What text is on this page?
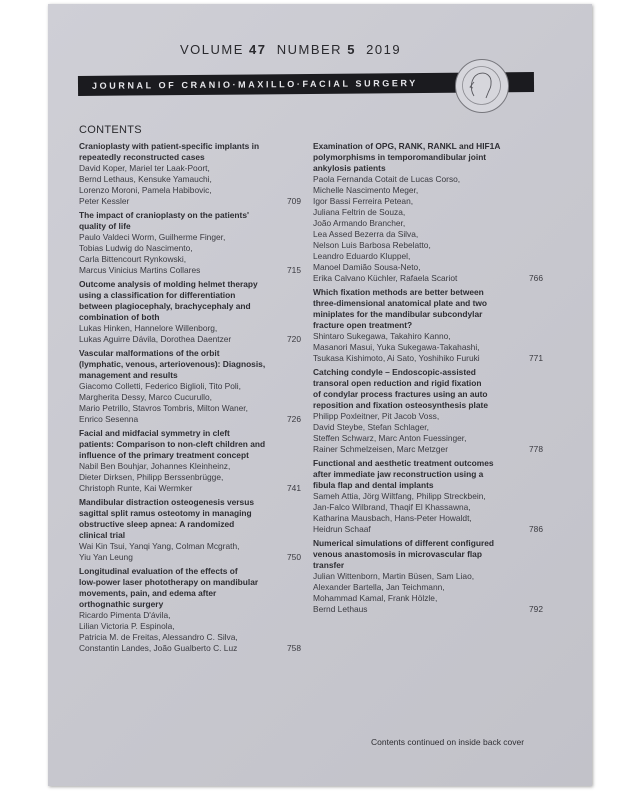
VOLUME 47 NUMBER 5 2019
JOURNAL OF CRANIO·MAXILLO·FACIAL SURGERY
CONTENTS
Cranioplasty with patient-specific implants in
repeatedly reconstructed cases
David Koper, Mariel ter Laak-Poort,
Bernd Lethaus, Kensuke Yamauchi,
Lorenzo Moroni, Pamela Habibovic,
Peter Kessler	709
The impact of cranioplasty on the patients'
quality of life
Paulo Valdeci Worm, Guilherme Finger,
Tobias Ludwig do Nascimento,
Carla Bittencourt Rynkowski,
Marcus Vinicius Martins Collares	715
Outcome analysis of molding helmet therapy
using a classification for differentiation
between plagiocephaly, brachycephaly and
combination of both
Lukas Hinken, Hannelore Willenborg,
Lukas Aguirre Dávila, Dorothea Daentzer	720
Vascular malformations of the orbit
(lymphatic, venous, arteriovenous): Diagnosis,
management and results
Giacomo Colletti, Federico Biglioli, Tito Poli,
Margherita Dessy, Marco Cucurullo,
Mario Petrillo, Stavros Tombris, Milton Waner,
Enrico Sesenna	726
Facial and midfacial symmetry in cleft
patients: Comparison to non-cleft children and
influence of the primary treatment concept
Nabil Ben Bouhjar, Johannes Kleinheinz,
Dieter Dirksen, Philipp Berssenbrügge,
Christoph Runte, Kai Wermker	741
Mandibular distraction osteogenesis versus
sagittal split ramus osteotomy in managing
obstructive sleep apnea: A randomized
clinical trial
Wai Kin Tsui, Yanqi Yang, Colman Mcgrath,
Yiu Yan Leung	750
Longitudinal evaluation of the effects of
low-power laser phototherapy on mandibular
movements, pain, and edema after
orthognathic surgery
Ricardo Pimenta D'ávila,
Lilian Victoria P. Espinola,
Patricia M. de Freitas, Alessandro C. Silva,
Constantin Landes, João Gualberto C. Luz	758
Examination of OPG, RANK, RANKL and HIF1A
polymorphisms in temporomandibular joint
ankylosis patients
Paola Fernanda Cotait de Lucas Corso,
Michelle Nascimento Meger,
Igor Bassi Ferreira Petean,
Juliana Feltrin de Souza,
João Armando Brancher,
Lea Assed Bezerra da Silva,
Nelson Luis Barbosa Rebelatto,
Leandro Eduardo Kluppel,
Manoel Damião Sousa-Neto,
Erika Calvano Küchler, Rafaela Scariot	766
Which fixation methods are better between
three-dimensional anatomical plate and two
miniplates for the mandibular subcondylar
fracture open treatment?
Shintaro Sukegawa, Takahiro Kanno,
Masanori Masui, Yuka Sukegawa-Takahashi,
Tsukasa Kishimoto, Ai Sato, Yoshihiko Furuki	771
Catching condyle – Endoscopic-assisted
transoral open reduction and rigid fixation
of condylar process fractures using an auto
reposition and fixation osteosynthesis plate
Philipp Poxleitner, Pit Jacob Voss,
David Steybe, Stefan Schlager,
Steffen Schwarz, Marc Anton Fuessinger,
Rainer Schmelzeisen, Marc Metzger	778
Functional and aesthetic treatment outcomes
after immediate jaw reconstruction using a
fibula flap and dental implants
Sameh Attia, Jörg Wiltfang, Philipp Streckbein,
Jan-Falco Wilbrand, Thaqif El Khassawna,
Katharina Mausbach, Hans-Peter Howaldt,
Heidrun Schaaf	786
Numerical simulations of different configured
venous anastomosis in microvascular flap
transfer
Julian Wittenborn, Martin Büsen, Sam Liao,
Alexander Bartella, Jan Teichmann,
Mohammad Kamal, Frank Hölzle,
Bernd Lethaus	792
Contents continued on inside back cover
